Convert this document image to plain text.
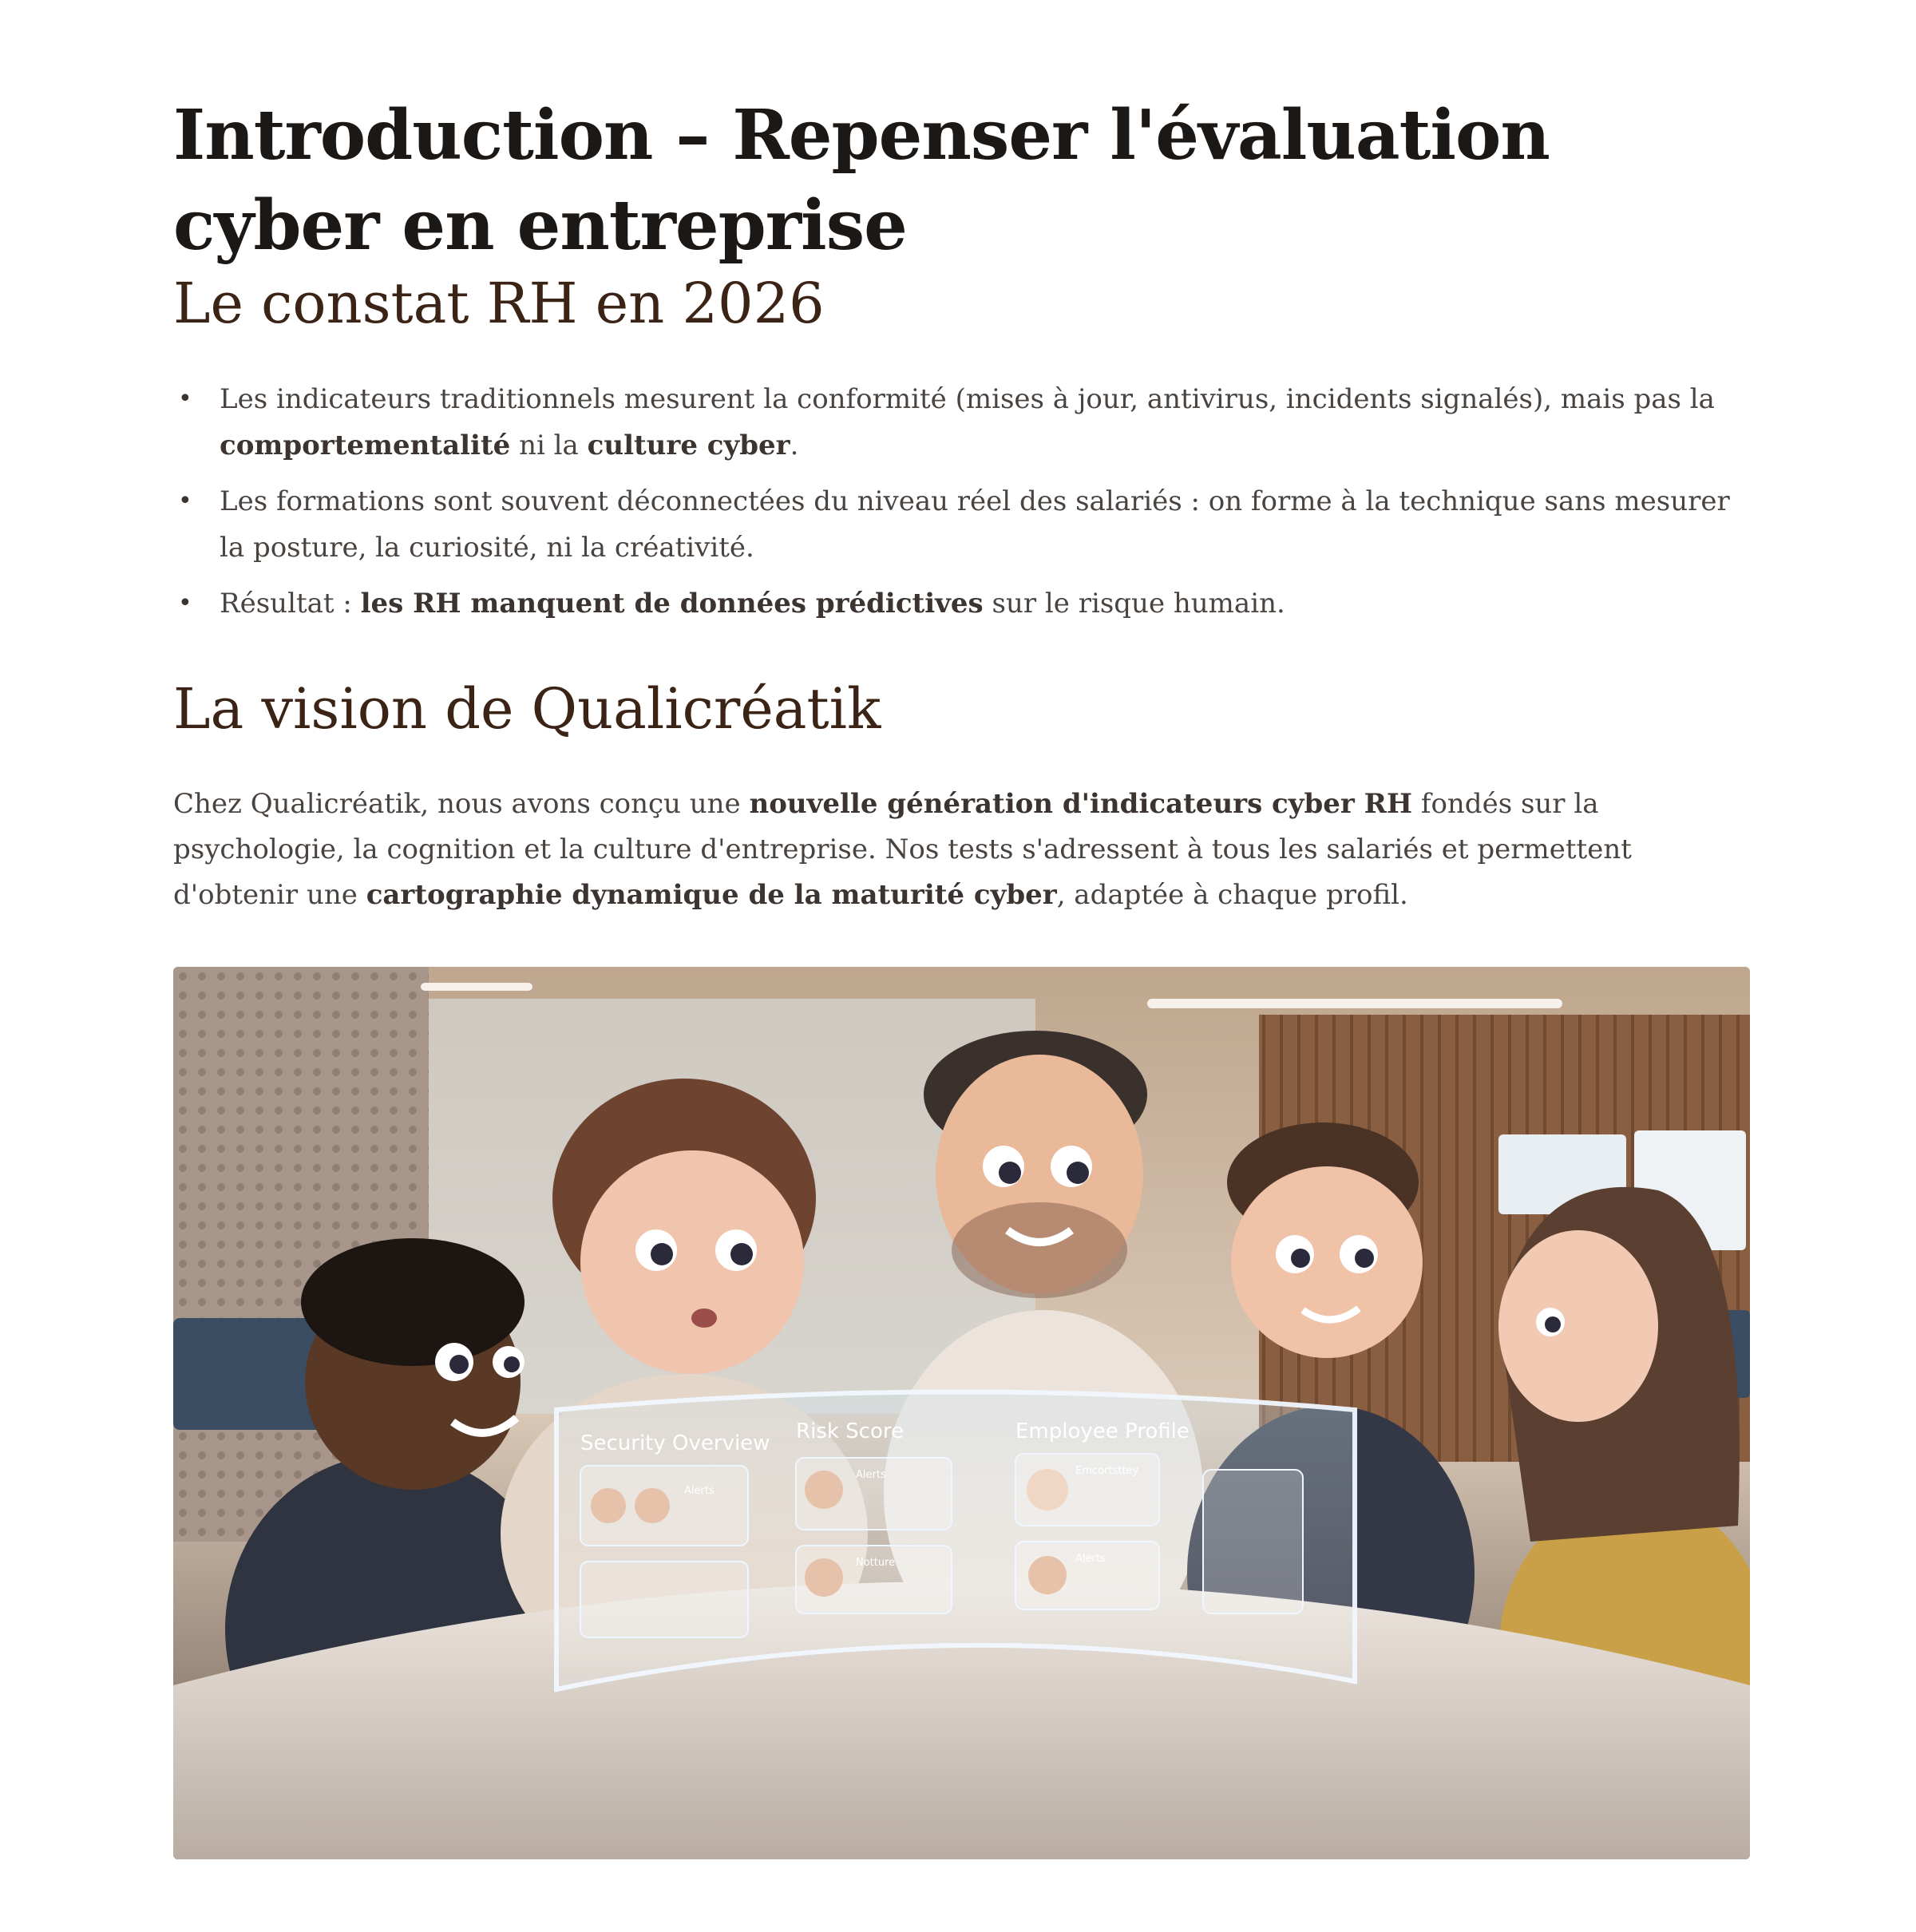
Introduction – Repenser l'évaluation cyber en entreprise
Le constat RH en 2026
• Les indicateurs traditionnels mesurent la conformité (mises à jour, antivirus, incidents signalés), mais pas la comportementalité ni la culture cyber.
• Les formations sont souvent déconnectées du niveau réel des salariés : on forme à la technique sans mesurer la posture, la curiosité, ni la créativité.
• Résultat : les RH manquent de données prédictives sur le risque humain.
La vision de Qualicréatik

Chez Qualicréatik, nous avons conçu une nouvelle génération d'indicateurs cyber RH fondés sur la psychologie, la cognition et la culture d'entreprise. Nos tests s'adressent à tous les salariés et permettent d'obtenir une cartographie dynamique de la maturité cyber, adaptée à chaque profil.

Security Overview Risk Score	Employee Profile
Alerts
Alerts
Notture
Emcortsttey
Alerts
